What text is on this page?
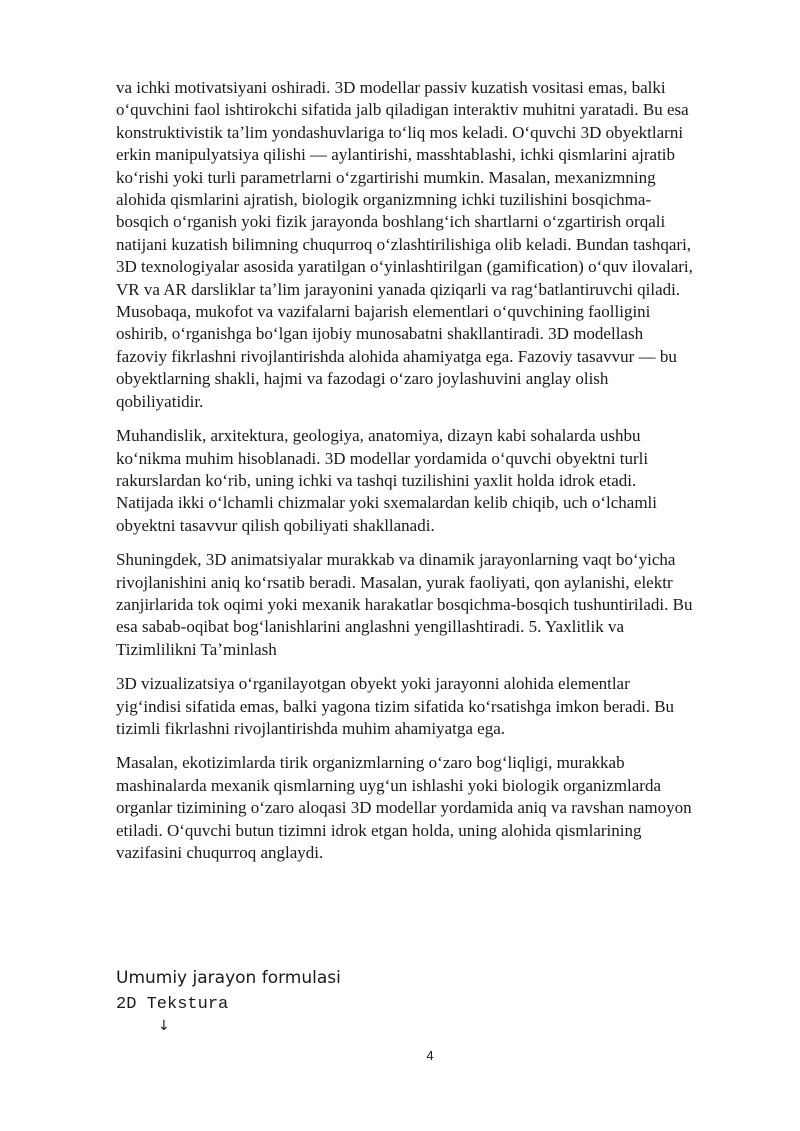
va ichki motivatsiyani oshiradi. 3D modellar passiv kuzatish vositasi emas, balki oʻquvchini faol ishtirokchi sifatida jalb qiladigan interaktiv muhitni yaratadi. Bu esa konstruktivistik taʼlim yondashuvlariga toʻliq mos keladi. Oʻquvchi 3D obyektlarni erkin manipulyatsiya qilishi — aylantirishi, masshtablashi, ichki qismlarini ajratib koʻrishi yoki turli parametrlarni oʻzgartirishi mumkin. Masalan, mexanizmning alohida qismlarini ajratish, biologik organizmning ichki tuzilishini bosqichma-bosqich oʻrganish yoki fizik jarayonda boshlangʻich shartlarni oʻzgartirish orqali natijani kuzatish bilimning chuqurroq oʻzlashtirilishiga olib keladi. Bundan tashqari, 3D texnologiyalar asosida yaratilgan oʻyinlashtirilgan (gamification) oʻquv ilovalari, VR va AR darsliklar taʼlim jarayonini yanada qiziqarli va ragʻbatlantiruvchi qiladi. Musobaqa, mukofot va vazifalarni bajarish elementlari oʻquvchining faolligini oshirib, oʻrganishga boʻlgan ijobiy munosabatni shakllantiradi. 3D modellash fazoviy fikrlashni rivojlantirishda alohida ahamiyatga ega. Fazoviy tasavvur — bu obyektlarning shakli, hajmi va fazodagi oʻzaro joylashuvini anglay olish qobiliyatidir.

Muhandislik, arxitektura, geologiya, anatomiya, dizayn kabi sohalarda ushbu koʻnikma muhim hisoblanadi. 3D modellar yordamida oʻquvchi obyektni turli rakurslardan koʻrib, uning ichki va tashqi tuzilishini yaxlit holda idrok etadi. Natijada ikki oʻlchamli chizmalar yoki sxemalardan kelib chiqib, uch oʻlchamli obyektni tasavvur qilish qobiliyati shakllanadi.

Shuningdek, 3D animatsiyalar murakkab va dinamik jarayonlarning vaqt boʻyicha rivojlanishini aniq koʻrsatib beradi. Masalan, yurak faoliyati, qon aylanishi, elektr zanjirlarida tok oqimi yoki mexanik harakatlar bosqichma-bosqich tushuntiriladi. Bu esa sabab-oqibat bogʻlanishlarini anglashni yengillashtiradi. 5. Yaxlitlik va Tizimlilikni Taʼminlash

3D vizualizatsiya oʻrganilayotgan obyekt yoki jarayonni alohida elementlar yigʻindisi sifatida emas, balki yagona tizim sifatida koʻrsatishga imkon beradi. Bu tizimli fikrlashni rivojlantirishda muhim ahamiyatga ega.

Masalan, ekotizimlarda tirik organizmlarning oʻzaro bogʻliqligi, murakkab mashinalarda mexanik qismlarning uygʻun ishlashi yoki biologik organizmlarda organlar tizimining oʻzaro aloqasi 3D modellar yordamida aniq va ravshan namoyon etiladi. Oʻquvchi butun tizimni idrok etgan holda, uning alohida qismlarining vazifasini chuqurroq anglaydi.

Umumiy jarayon formulasi
2D Tekstura
↓
4
